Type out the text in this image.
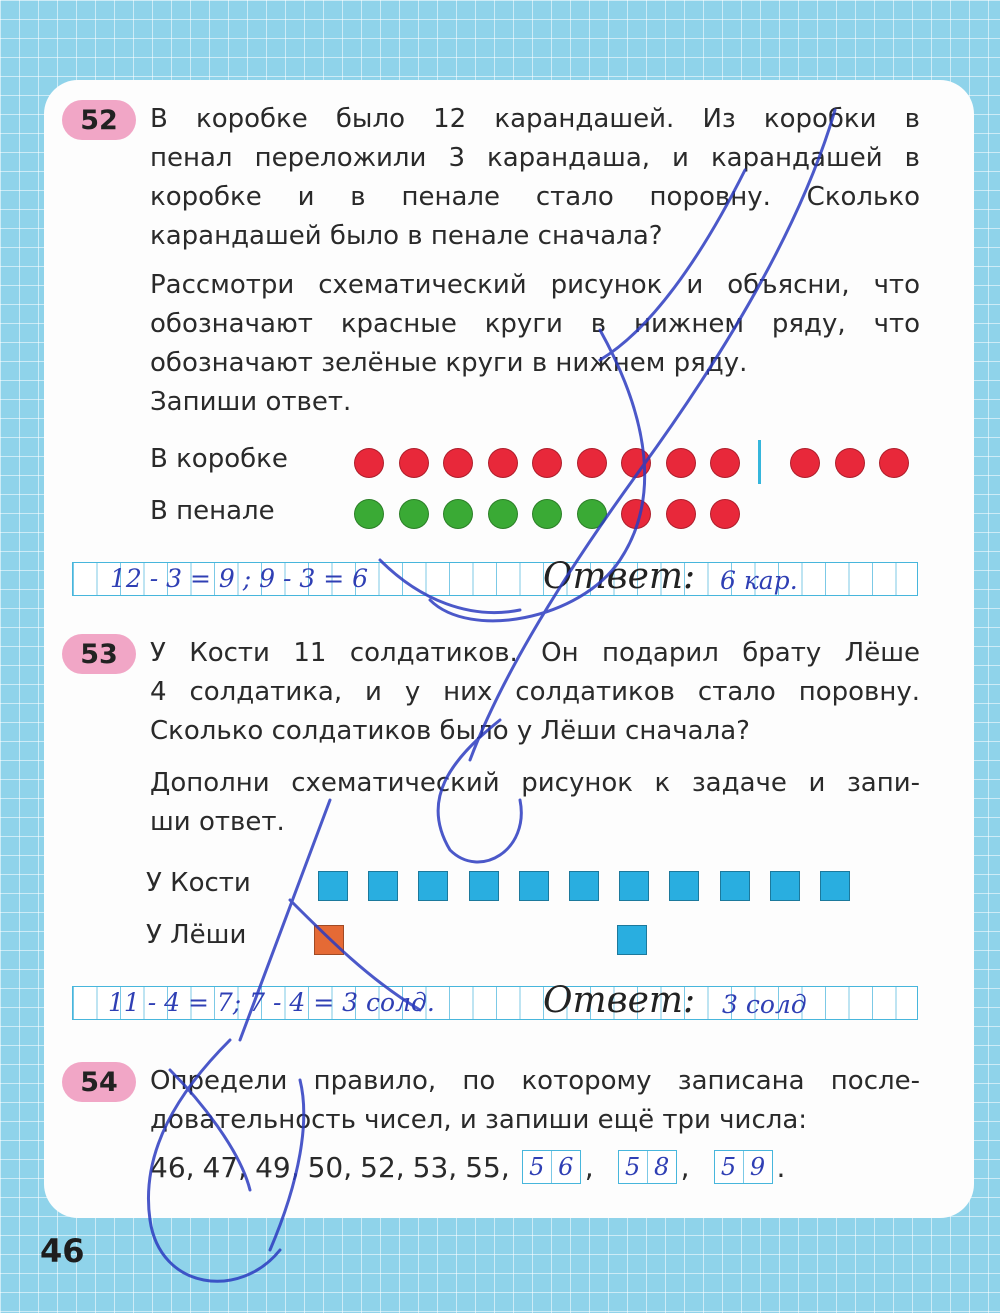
52	В коробке было 12 карандашей. Из коробки в

пенал переложили 3 карандаша, и карандашей в

коробке и в пенале стало поровну. Сколько

карандашей было в пенале сначала?

Рассмотри схематический рисунок и объясни, что

обозначают красные круги в нижнем ряду, что

обозначают зелёные круги в нижнем ряду.

Запиши ответ.

В коробке
В пенале
12 - 3 = 9 ; 9 - 3 = 6	Ответ: 6 кар.
53	У Кости 11 солдатиков. Он подарил брату Лёше

4 солдатика, и у них солдатиков стало поровну.

Сколько солдатиков было у Лёши сначала?

Дополни схематический рисунок к задаче и запи-

ши ответ.

У Кости
У Лёши
11 - 4 = 7; 7 - 4 = 3 солд.	Ответ: 3 солд
54	Определи правило, по которому записана после-

довательность чисел, и запиши ещё три числа:

46, 47, 49, 50, 52, 53, 55, 5 6 , 5 8 , 5 9 .
46
